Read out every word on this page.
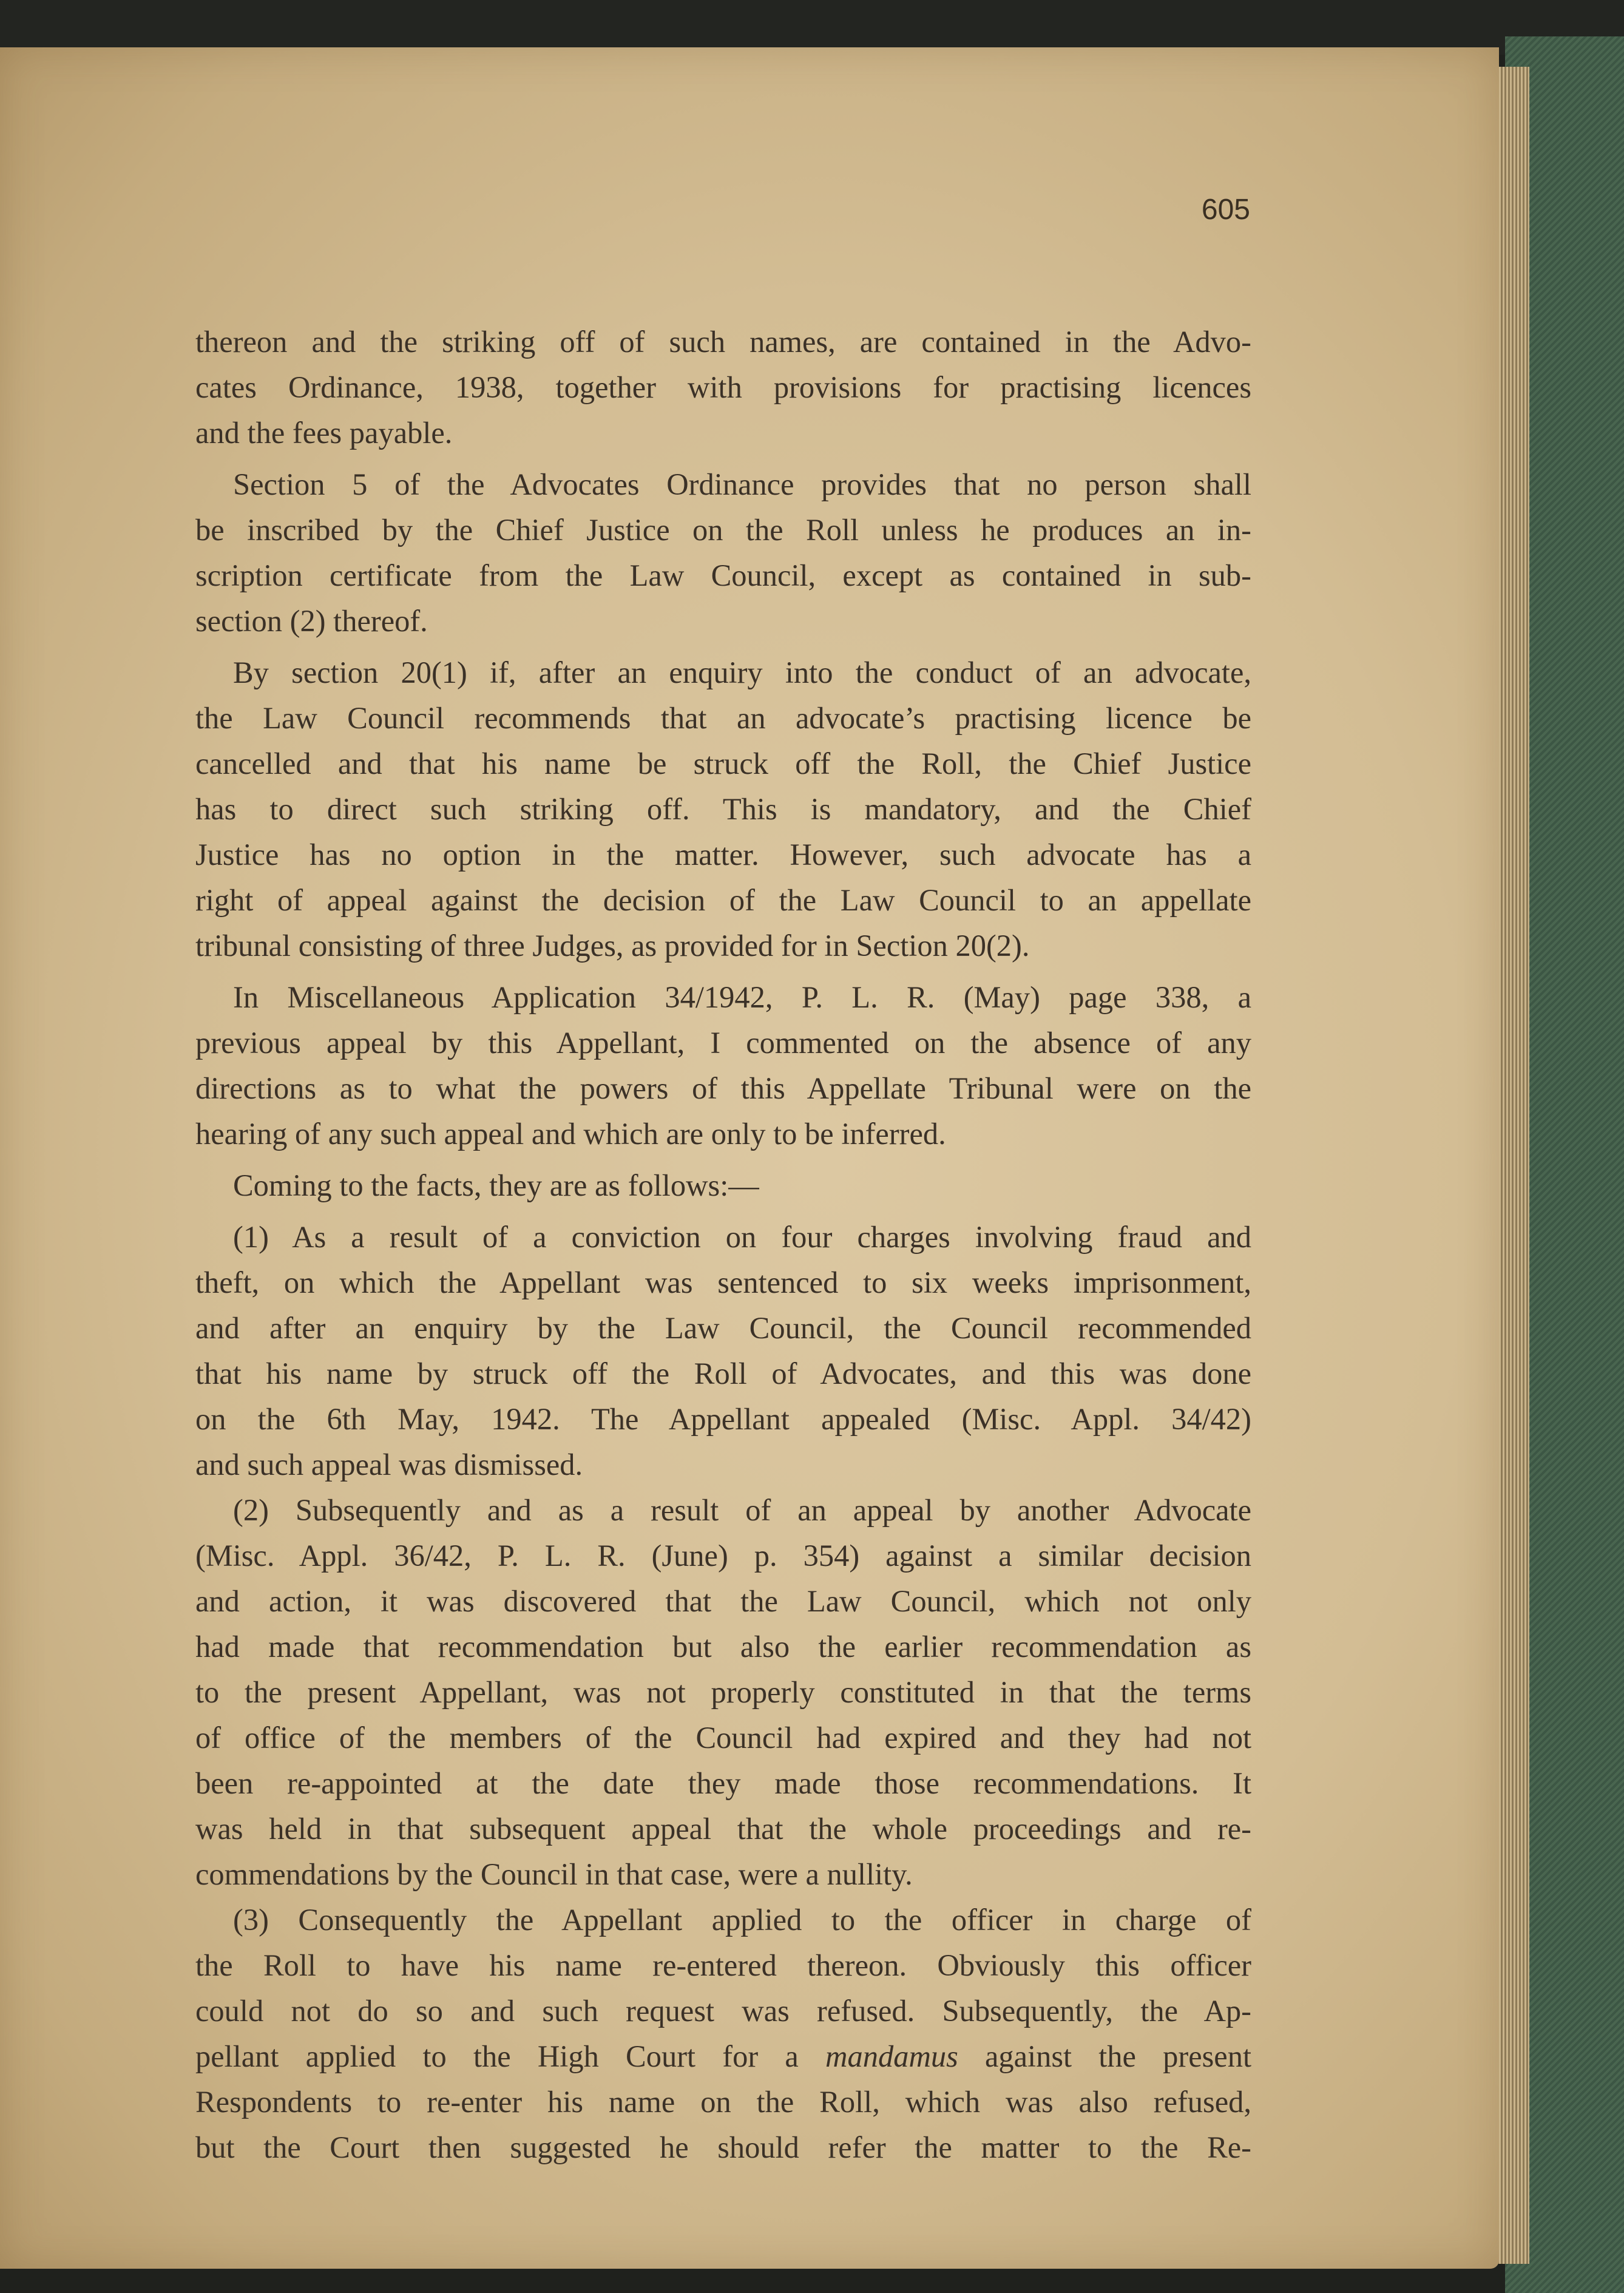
605
thereon and the striking off of such names, are contained in the Advo-
cates Ordinance, 1938, together with provisions for practising licences
and the fees payable.
Section 5 of the Advocates Ordinance provides that no person shall
be inscribed by the Chief Justice on the Roll unless he produces an in-
scription certificate from the Law Council, except as contained in sub-
section (2) thereof.
By section 20(1) if, after an enquiry into the conduct of an advocate,
the Law Council recommends that an advocate’s practising licence be
cancelled and that his name be struck off the Roll, the Chief Justice
has to direct such striking off. This is mandatory, and the Chief
Justice has no option in the matter. However, such advocate has a
right of appeal against the decision of the Law Council to an appellate
tribunal consisting of three Judges, as provided for in Section 20(2).
In Miscellaneous Application 34/1942, P. L. R. (May) page 338, a
previous appeal by this Appellant, I commented on the absence of any
directions as to what the powers of this Appellate Tribunal were on the
hearing of any such appeal and which are only to be inferred.
Coming to the facts, they are as follows:—
(1) As a result of a conviction on four charges involving fraud and
theft, on which the Appellant was sentenced to six weeks imprisonment,
and after an enquiry by the Law Council, the Council recommended
that his name by struck off the Roll of Advocates, and this was done
on the 6th May, 1942. The Appellant appealed (Misc. Appl. 34/42)
and such appeal was dismissed.
(2) Subsequently and as a result of an appeal by another Advocate
(Misc. Appl. 36/42, P. L. R. (June) p. 354) against a similar decision
and action, it was discovered that the Law Council, which not only
had made that recommendation but also the earlier recommendation as
to the present Appellant, was not properly constituted in that the terms
of office of the members of the Council had expired and they had not
been re-appointed at the date they made those recommendations. It
was held in that subsequent appeal that the whole proceedings and re-
commendations by the Council in that case, were a nullity.
(3) Consequently the Appellant applied to the officer in charge of
the Roll to have his name re-entered thereon. Obviously this officer
could not do so and such request was refused. Subsequently, the Ap-
pellant applied to the High Court for a mandamus against the present
Respondents to re-enter his name on the Roll, which was also refused,
but the Court then suggested he should refer the matter to the Re-
